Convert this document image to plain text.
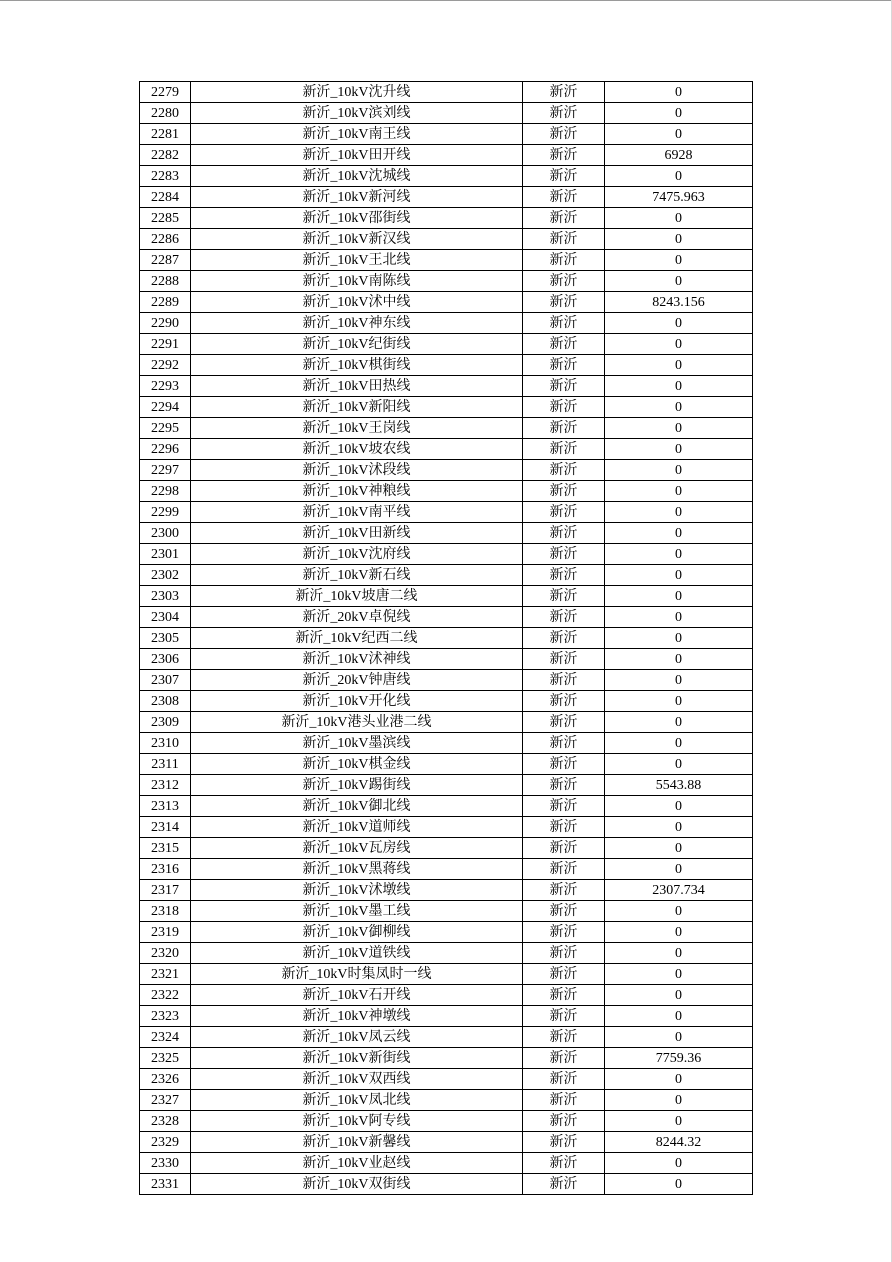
2279	新沂_10kV沈升线	新沂	0
2280	新沂_10kV滨刘线	新沂	0
2281	新沂_10kV南王线	新沂	0
2282	新沂_10kV田开线	新沂	6928
2283	新沂_10kV沈城线	新沂	0
2284	新沂_10kV新河线	新沂	7475.963
2285	新沂_10kV邵街线	新沂	0
2286	新沂_10kV新汉线	新沂	0
2287	新沂_10kV王北线	新沂	0
2288	新沂_10kV南陈线	新沂	0
2289	新沂_10kV沭中线	新沂	8243.156
2290	新沂_10kV神东线	新沂	0
2291	新沂_10kV纪街线	新沂	0
2292	新沂_10kV棋街线	新沂	0
2293	新沂_10kV田热线	新沂	0
2294	新沂_10kV新阳线	新沂	0
2295	新沂_10kV王岗线	新沂	0
2296	新沂_10kV坡农线	新沂	0
2297	新沂_10kV沭段线	新沂	0
2298	新沂_10kV神粮线	新沂	0
2299	新沂_10kV南平线	新沂	0
2300	新沂_10kV田新线	新沂	0
2301	新沂_10kV沈府线	新沂	0
2302	新沂_10kV新石线	新沂	0
2303	新沂_10kV坡唐二线	新沂	0
2304	新沂_20kV卓倪线	新沂	0
2305	新沂_10kV纪西二线	新沂	0
2306	新沂_10kV沭神线	新沂	0
2307	新沂_20kV钟唐线	新沂	0
2308	新沂_10kV开化线	新沂	0
2309	新沂_10kV港头业港二线	新沂	0
2310	新沂_10kV墨滨线	新沂	0
2311	新沂_10kV棋金线	新沂	0
2312	新沂_10kV踢街线	新沂	5543.88
2313	新沂_10kV御北线	新沂	0
2314	新沂_10kV道师线	新沂	0
2315	新沂_10kV瓦房线	新沂	0
2316	新沂_10kV黑蒋线	新沂	0
2317	新沂_10kV沭墩线	新沂	2307.734
2318	新沂_10kV墨工线	新沂	0
2319	新沂_10kV御柳线	新沂	0
2320	新沂_10kV道铁线	新沂	0
2321	新沂_10kV时集凤时一线	新沂	0
2322	新沂_10kV石开线	新沂	0
2323	新沂_10kV神墩线	新沂	0
2324	新沂_10kV凤云线	新沂	0
2325	新沂_10kV新街线	新沂	7759.36
2326	新沂_10kV双西线	新沂	0
2327	新沂_10kV凤北线	新沂	0
2328	新沂_10kV阿专线	新沂	0
2329	新沂_10kV新馨线	新沂	8244.32
2330	新沂_10kV业赵线	新沂	0
2331	新沂_10kV双街线	新沂	0
